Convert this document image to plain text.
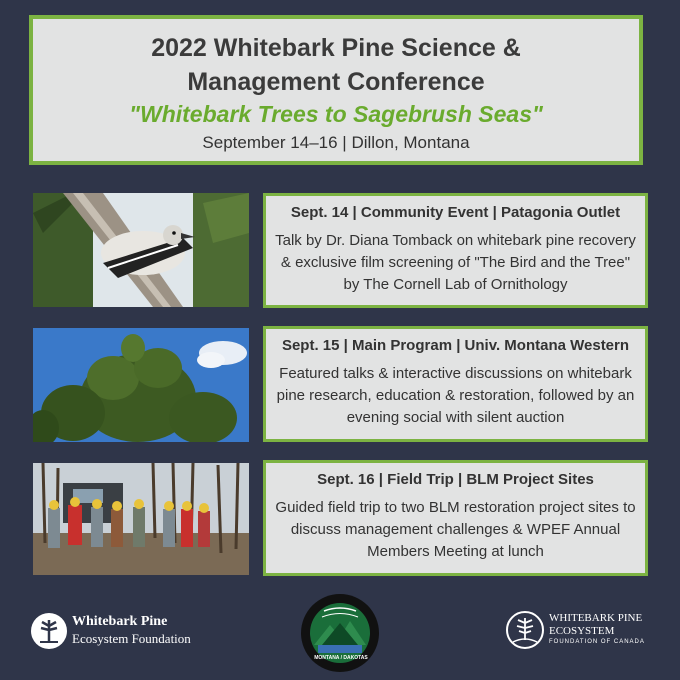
2022 Whitebark Pine Science & Management Conference
"Whitebark Trees to Sagebrush Seas"
September 14–16 | Dillon, Montana
Sept. 14 | Community Event | Patagonia Outlet
Talk by Dr. Diana Tomback on whitebark pine recovery & exclusive film screening of "The Bird and the Tree" by The Cornell Lab of Ornithology
Sept. 15 | Main Program | Univ. Montana Western
Featured talks & interactive discussions on whitebark pine research, education & restoration, followed by an evening social with silent auction
Sept. 16 | Field Trip | BLM Project Sites
Guided field trip to two BLM restoration project sites to discuss management challenges & WPEF Annual Members Meeting at lunch
Whitebark Pine
Ecosystem Foundation
MONTANA / DAKOTAS
WHITEBARK PINE
ECOSYSTEM
FOUNDATION OF CANADA
